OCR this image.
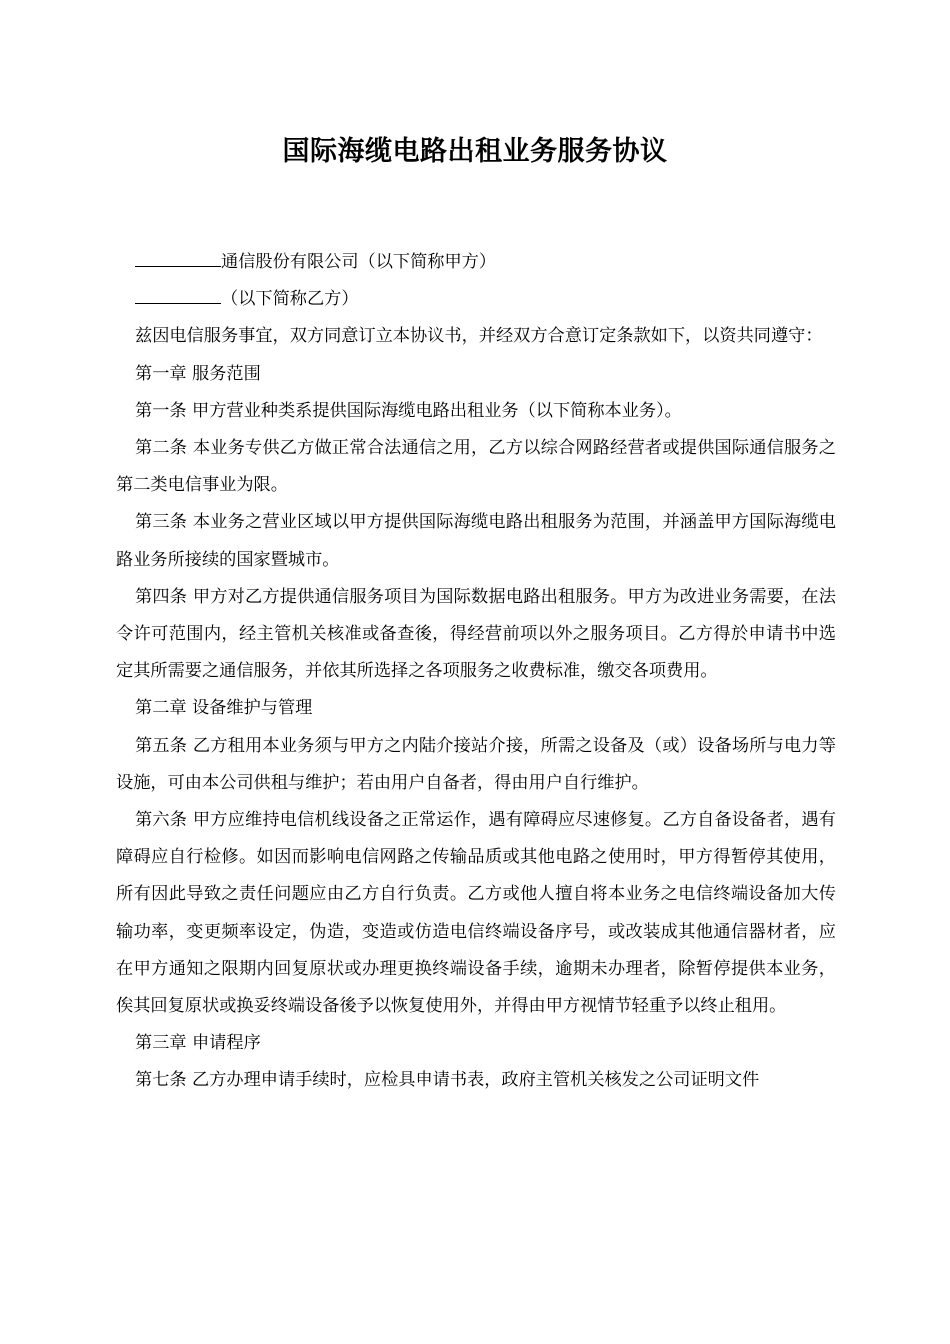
国际海缆电路出租业务服务协议

通信股份有限公司（以下简称甲方）

（以下简称乙方）

兹因电信服务事宜，双方同意订立本协议书，并经双方合意订定条款如下，以资共同遵守：

第一章 服务范围

第一条 甲方营业种类系提供国际海缆电路出租业务（以下简称本业务）。

第二条 本业务专供乙方做正常合法通信之用，乙方以综合网路经营者或提供国际通信服务之第二类电信事业为限。

第三条 本业务之营业区域以甲方提供国际海缆电路出租服务为范围，并涵盖甲方国际海缆电路业务所接续的国家暨城市。

第四条 甲方对乙方提供通信服务项目为国际数据电路出租服务。甲方为改进业务需要，在法令许可范围内，经主管机关核准或备查後，得经营前项以外之服务项目。乙方得於申请书中选定其所需要之通信服务，并依其所选择之各项服务之收费标准，缴交各项费用。

第二章 设备维护与管理

第五条 乙方租用本业务须与甲方之内陆介接站介接，所需之设备及（或）设备场所与电力等设施，可由本公司供租与维护；若由用户自备者，得由用户自行维护。

第六条 甲方应维持电信机线设备之正常运作，遇有障碍应尽速修复。乙方自备设备者，遇有障碍应自行检修。如因而影响电信网路之传输品质或其他电路之使用时，甲方得暂停其使用，所有因此导致之责任问题应由乙方自行负责。乙方或他人擅自将本业务之电信终端设备加大传输功率，变更频率设定，伪造，变造或仿造电信终端设备序号，或改装成其他通信器材者，应在甲方通知之限期内回复原状或办理更换终端设备手续，逾期未办理者，除暂停提供本业务，俟其回复原状或换妥终端设备後予以恢复使用外，并得由甲方视情节轻重予以终止租用。

第三章 申请程序

第七条 乙方办理申请手续时，应检具申请书表，政府主管机关核发之公司证明文件
